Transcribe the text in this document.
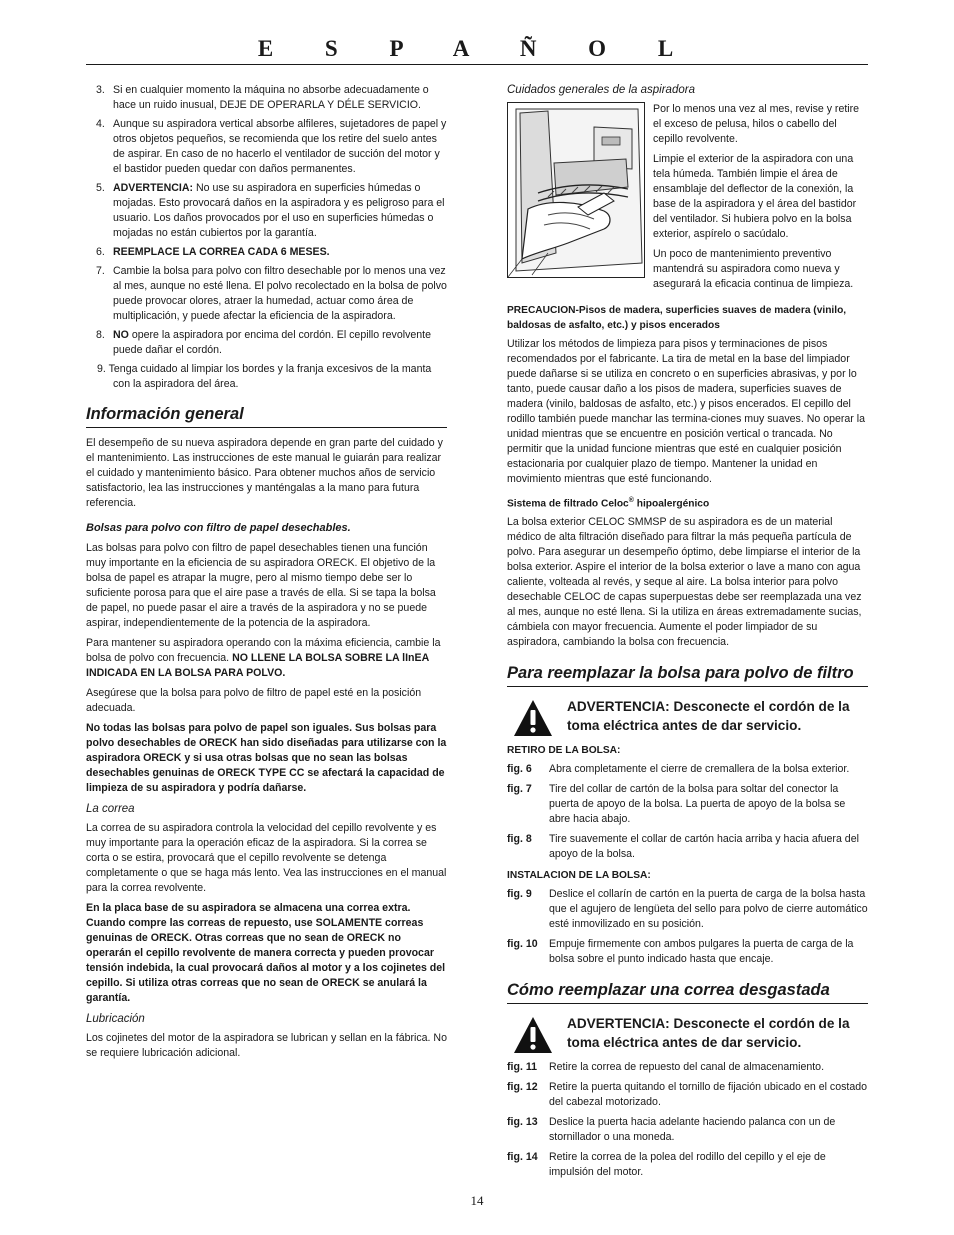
E S P A Ñ O L
3. Si en cualquier momento la máquina no absorbe adecuadamente o hace un ruido inusual, DEJE DE OPERARLA Y DÉLE SERVICIO.
4. Aunque su aspiradora vertical absorbe alfileres, sujetadores de papel y otros objetos pequeños, se recomienda que los retire del suelo antes de aspirar. En caso de no hacerlo el ventilador de succión del motor y el bastidor pueden quedar con daños permanentes.
5. ADVERTENCIA: No use su aspiradora en superficies húmedas o mojadas. Esto provocará daños en la aspiradora y es peligroso para el usuario. Los daños provocados por el uso en superficies húmedas o mojadas no están cubiertos por la garantía.
6. REEMPLACE LA CORREA CADA 6 MESES.
7. Cambie la bolsa para polvo con filtro desechable por lo menos una vez al mes, aunque no esté llena. El polvo recolectado en la bolsa de polvo puede provocar olores, atraer la humedad, actuar como área de multiplicación, y puede afectar la eficiencia de la aspiradora.
8. NO opere la aspiradora por encima del cordón. El cepillo revolvente puede dañar el cordón.
9. Tenga cuidado al limpiar los bordes y la franja excesivos de la manta con la aspiradora del área.
Información general

El desempeño de su nueva aspiradora depende en gran parte del cuidado y el mantenimiento. Las instrucciones de este manual le guiarán para realizar el cuidado y mantenimiento básico. Para obtener muchos años de servicio satisfactorio, lea las instrucciones y manténgalas a la mano para futura referencia.

Bolsas para polvo con filtro de papel desechables.

Las bolsas para polvo con filtro de papel desechables tienen una función muy importante en la eficiencia de su aspiradora ORECK. El objetivo de la bolsa de papel es atrapar la mugre, pero al mismo tiempo debe ser lo suficiente porosa para que el aire pase a través de ella. Si se tapa la bolsa de papel, no puede pasar el aire a través de la aspiradora y no se puede aspirar, independientemente de la potencia de la aspiradora.

Para mantener su aspiradora operando con la máxima eficiencia, cambie la bolsa de polvo con frecuencia. NO LLENE LA BOLSA SOBRE LA lInEA INDICADA EN LA BOLSA PARA POLVO.

Asegúrese que la bolsa para polvo de filtro de papel esté en la posición adecuada.

No todas las bolsas para polvo de papel son iguales. Sus bolsas para polvo desechables de ORECK han sido diseñadas para utilizarse con la aspiradora ORECK y si usa otras bolsas que no sean las bolsas desechables genuinas de ORECK TYPE CC se afectará la capacidad de limpieza de su aspiradora y podría dañarse.

La correa

La correa de su aspiradora controla la velocidad del cepillo revolvente y es muy importante para la operación eficaz de la aspiradora. Si la correa se corta o se estira, provocará que el cepillo revolvente se detenga completamente o que se haga más lento. Vea las instrucciones en el manual para la correa revolvente.

En la placa base de su aspiradora se almacena una correa extra. Cuando compre las correas de repuesto, use SOLAMENTE correas genuinas de ORECK. Otras correas que no sean de ORECK no operarán el cepillo revolvente de manera correcta y pueden provocar tensión indebida, la cual provocará daños al motor y a los cojinetes del cepillo. Si utiliza otras correas que no sean de ORECK se anulará la garantía.

Lubricación

Los cojinetes del motor de la aspiradora se lubrican y sellan en la fábrica. No se requiere lubricación adicional.

Cuidados generales de la aspiradora

Por lo menos una vez al mes, revise y retire el exceso de pelusa, hilos o cabello del cepillo revolvente.

Limpie el exterior de la aspiradora con una tela húmeda. También limpie el área de ensamblaje del deflector de la conexión, la base de la aspiradora y el área del bastidor del ventilador. Si hubiera polvo en la bolsa exterior, aspírelo o sacúdalo.

Un poco de mantenimiento preventivo mantendrá su aspiradora como nueva y asegurará la eficacia continua de limpieza.

PRECAUCION-Pisos de madera, superficies suaves de madera (vinilo, baldosas de asfalto, etc.) y pisos encerados

Utilizar los métodos de limpieza para pisos y terminaciones de pisos recomendados por el fabricante. La tira de metal en la base del limpiador puede dañarse si se utiliza en concreto o en superficies abrasivas, y por lo tanto, puede causar daño a los pisos de madera, superficies suaves de madera (vinilo, baldosas de asfalto, etc.) y pisos encerados. El cepillo del rodillo también puede manchar las termina-ciones muy suaves. No operar la unidad mientras que se encuentre en posición vertical o trancada. No permitir que la unidad funcione mientras que esté en cualquier posición estacionaria por cualquier plazo de tiempo. Mantener la unidad en movimiento mientras que esté funcionando.

Sistema de filtrado Celoc® hipoalergénico

La bolsa exterior CELOC SMMSP de su aspiradora es de un material médico de alta filtración diseñado para filtrar la más pequeña partícula de polvo. Para asegurar un desempeño óptimo, debe limpiarse el interior de la bolsa exterior. Aspire el interior de la bolsa exterior o lave a mano con agua caliente, volteada al revés, y seque al aire. La bolsa interior para polvo desechable CELOC de capas superpuestas debe ser reemplazada una vez al mes, aunque no esté llena. Si la utiliza en áreas extremadamente sucias, cámbiela con mayor frecuencia. Aumente el poder limpiador de su aspiradora, cambiando la bolsa con frecuencia.

Para reemplazar la bolsa para polvo de filtro
ADVERTENCIA: Desconecte el cordón de la toma eléctrica antes de dar servicio.

RETIRO DE LA BOLSA:

fig. 6 Abra completamente el cierre de cremallera de la bolsa exterior.
fig. 7 Tire del collar de cartón de la bolsa para soltar del conector la puerta de apoyo de la bolsa. La puerta de apoyo de la bolsa se abre hacia abajo.
fig. 8 Tire suavemente el collar de cartón hacia arriba y hacia afuera del apoyo de la bolsa.

INSTALACION DE LA BOLSA:

fig. 9 Deslice el collarín de cartón en la puerta de carga de la bolsa hasta que el agujero de lengüeta del sello para polvo de cierre automático esté inmovilizado en su posición.
fig. 10 Empuje firmemente con ambos pulgares la puerta de carga de la bolsa sobre el punto indicado hasta que encaje.
Cómo reemplazar una correa desgastada
ADVERTENCIA: Desconecte el cordón de la toma eléctrica antes de dar servicio.
fig. 11 Retire la correa de repuesto del canal de almacenamiento.
fig. 12 Retire la puerta quitando el tornillo de fijación ubicado en el costado del cabezal motorizado.
fig. 13 Deslice la puerta hacia adelante haciendo palanca con un de stornillador o una moneda.
fig. 14 Retire la correa de la polea del rodillo del cepillo y el eje de impulsión del motor.
14
